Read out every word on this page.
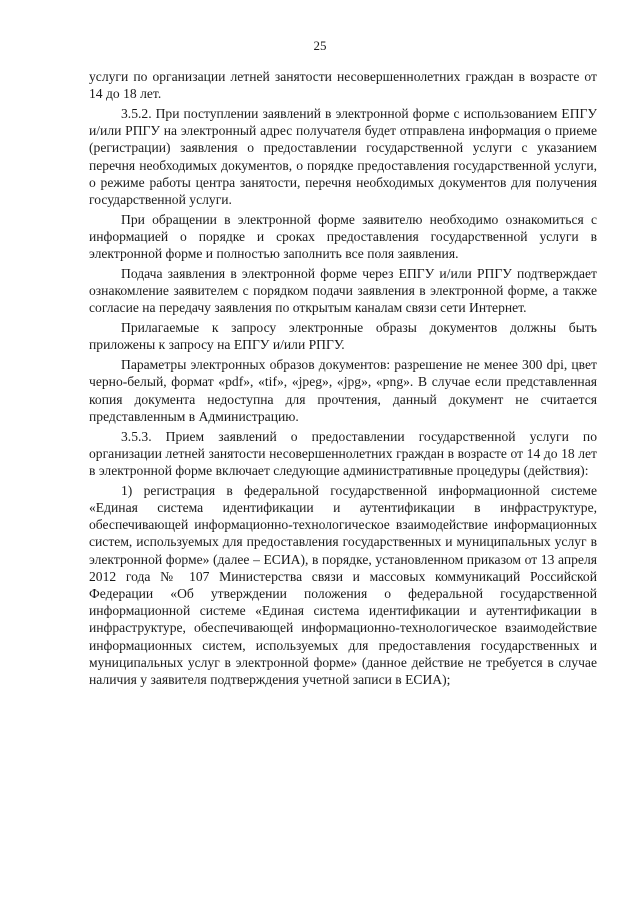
25

услуги по организации летней занятости несовершеннолетних граждан в возрасте от 14 до 18 лет.

3.5.2. При поступлении заявлений в электронной форме с использованием ЕПГУ и/или РПГУ на электронный адрес получателя будет отправлена информация о приеме (регистрации) заявления о предоставлении государственной услуги с указанием перечня необходимых документов, о порядке предоставления государственной услуги, о режиме работы центра занятости, перечня необходимых документов для получения государственной услуги.

При обращении в электронной форме заявителю необходимо ознакомиться с информацией о порядке и сроках предоставления государственной услуги в электронной форме и полностью заполнить все поля заявления.

Подача заявления в электронной форме через ЕПГУ и/или РПГУ подтверждает ознакомление заявителем с порядком подачи заявления в электронной форме, а также согласие на передачу заявления по открытым каналам связи сети Интернет.

Прилагаемые к запросу электронные образы документов должны быть приложены к запросу на ЕПГУ и/или РПГУ.

Параметры электронных образов документов: разрешение не менее 300 dpi, цвет черно-белый, формат «pdf», «tif», «jpeg», «jpg», «png». В случае если представленная копия документа недоступна для прочтения, данный документ не считается представленным в Администрацию.

3.5.3. Прием заявлений о предоставлении государственной услуги по организации летней занятости несовершеннолетних граждан в возрасте от 14 до 18 лет в электронной форме включает следующие административные процедуры (действия):

1) регистрация в федеральной государственной информационной системе «Единая система идентификации и аутентификации в инфраструктуре, обеспечивающей информационно-технологическое взаимодействие информационных систем, используемых для предоставления государственных и муниципальных услуг в электронной форме» (далее – ЕСИА), в порядке, установленном приказом от 13 апреля 2012 года № 107 Министерства связи и массовых коммуникаций Российской Федерации «Об утверждении положения о федеральной государственной информационной системе «Единая система идентификации и аутентификации в инфраструктуре, обеспечивающей информационно-технологическое взаимодействие информационных систем, используемых для предоставления государственных и муниципальных услуг в электронной форме» (данное действие не требуется в случае наличия у заявителя подтверждения учетной записи в ЕСИА);
